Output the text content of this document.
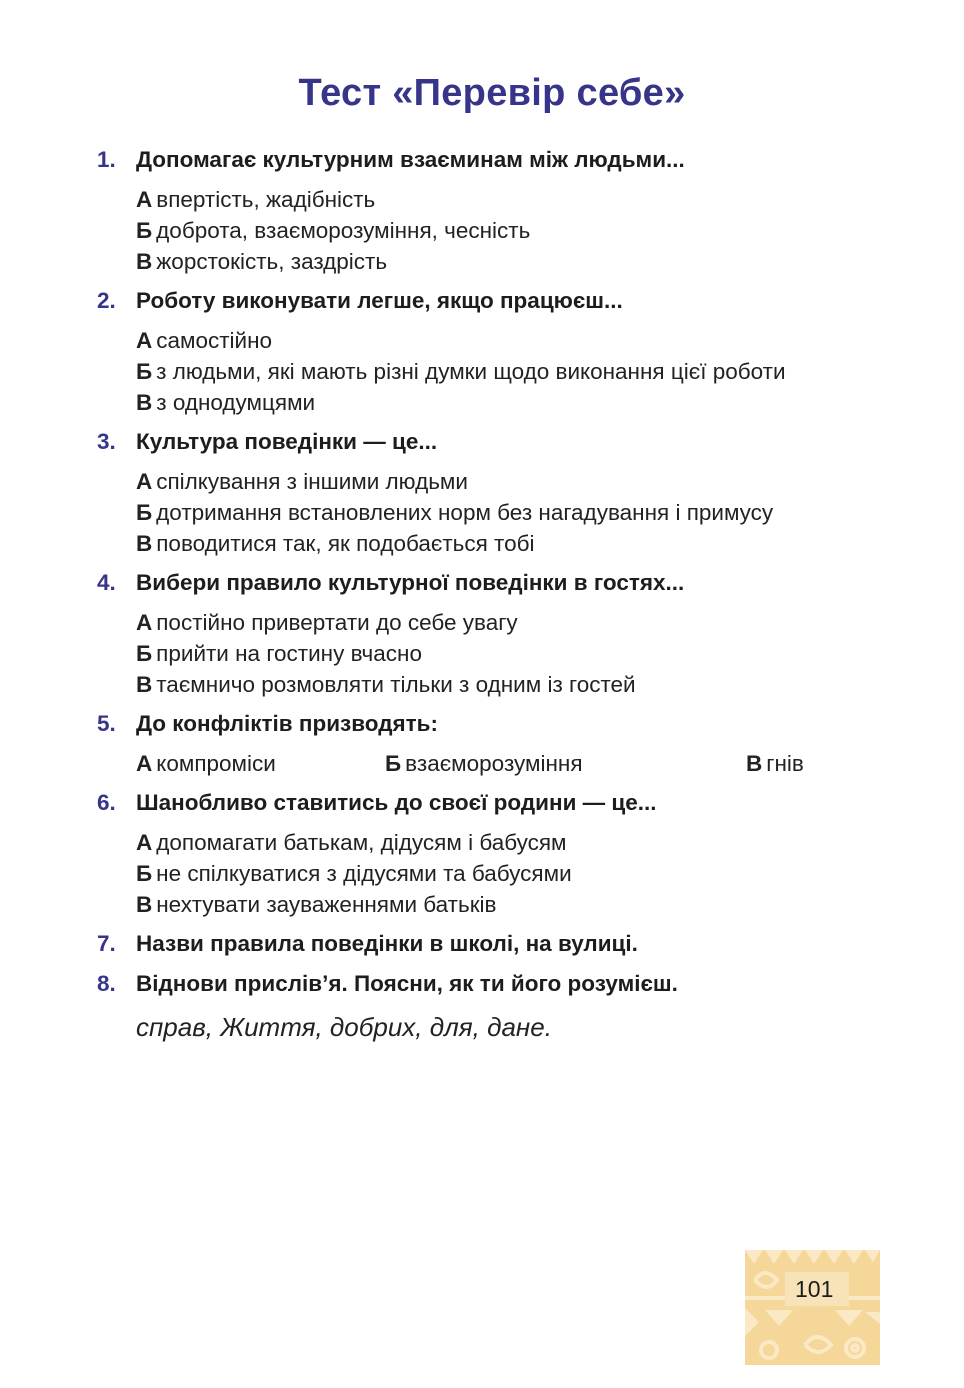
Тест «Перевір себе»
1. Допомагає культурним взаєминам між людьми...
А впертість, жадібність
Б доброта, взаєморозуміння, чесність
В жорстокість, заздрість
2. Роботу виконувати легше, якщо працюєш...
А самостійно
Б з людьми, які мають різні думки щодо виконання цієї роботи
В з однодумцями
3. Культура поведінки — це...
А спілкування з іншими людьми
Б дотримання встановлених норм без нагадування і примусу
В поводитися так, як подобається тобі
4. Вибери правило культурної поведінки в гостях...
А постійно привертати до себе увагу
Б прийти на гостину вчасно
В таємничо розмовляти тільки з одним із гостей
5. До конфліктів призводять:
А компроміси	Б взаєморозуміння	В гнів
6. Шанобливо ставитись до своєї родини — це...
А допомагати батькам, дідусям і бабусям
Б не спілкуватися з дідусями та бабусями
В нехтувати зауваженнями батьків
7. Назви правила поведінки в школі, на вулиці.
8. Віднови прислів’я. Поясни, як ти його розумієш.
справ, Життя, добрих, для, дане.
101
